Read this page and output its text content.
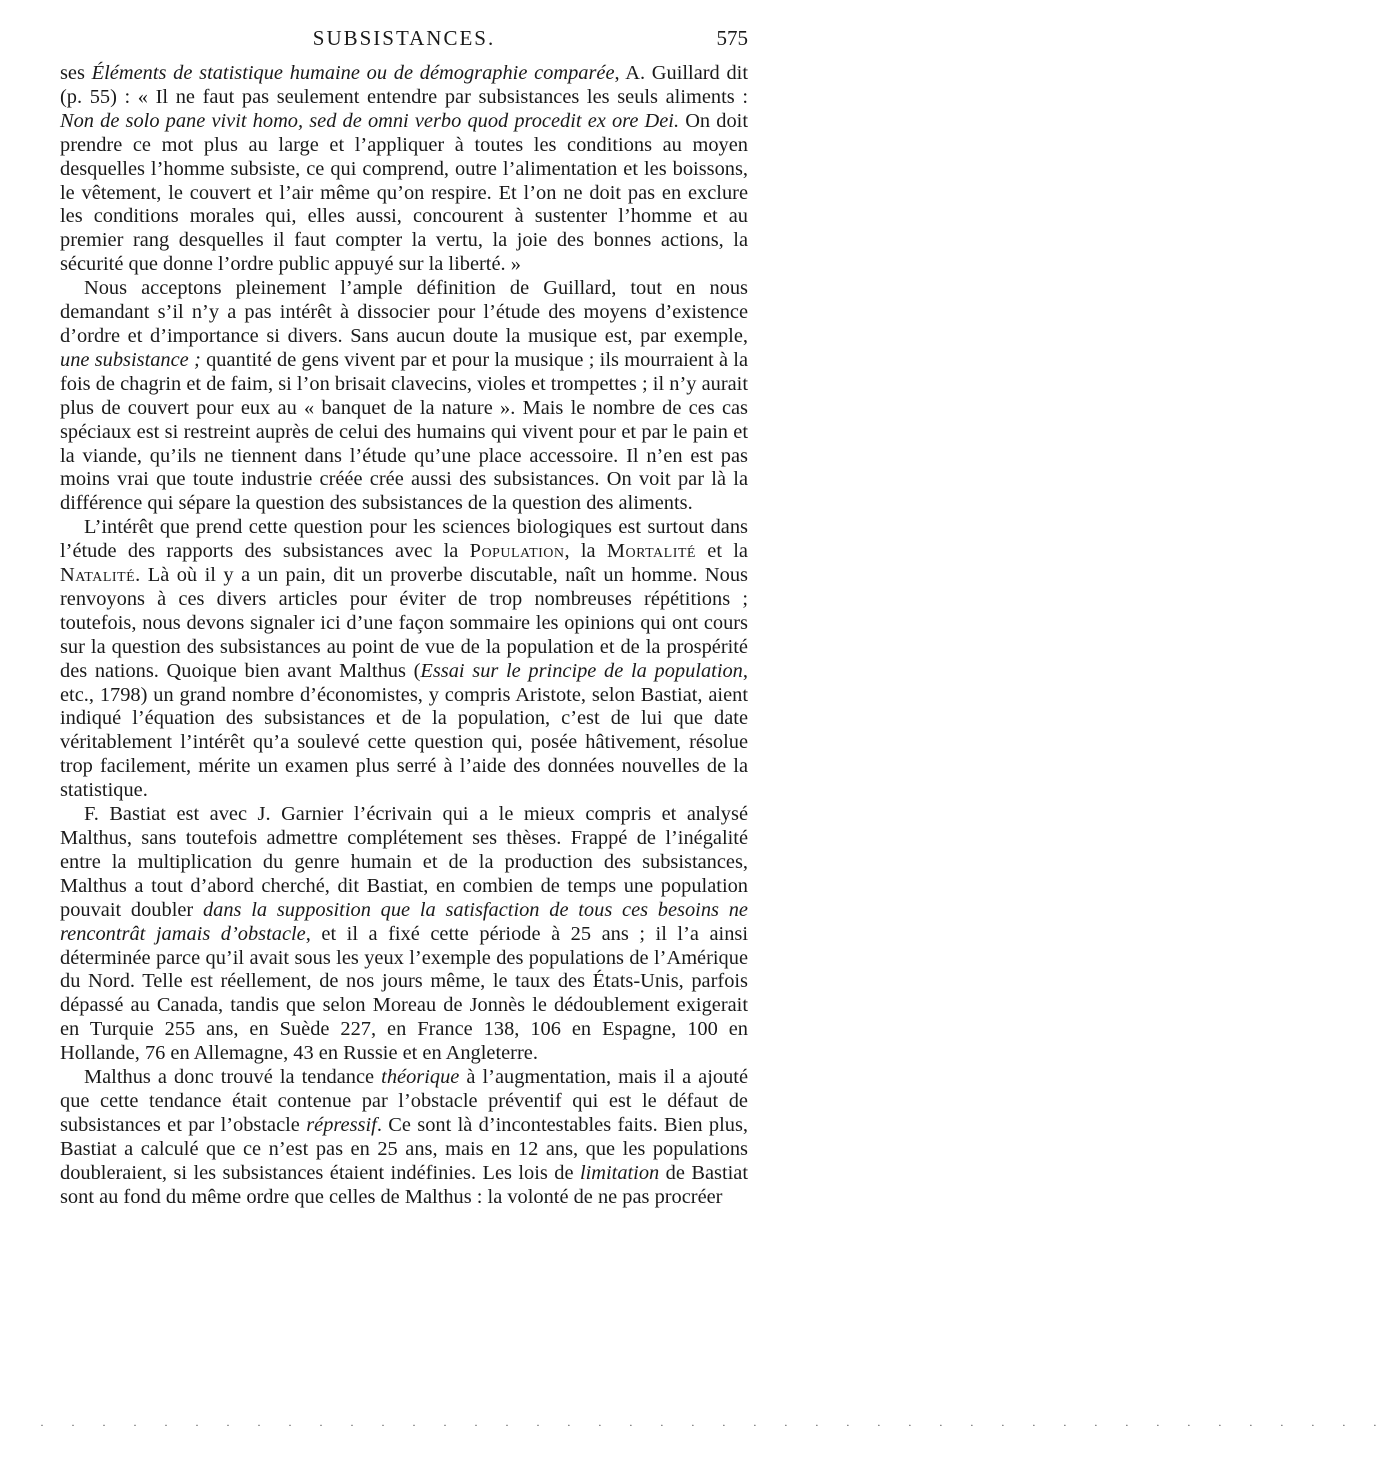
SUBSISTANCES.	575

ses Éléments de statistique humaine ou de démographie comparée, A. Guillard dit (p. 55) : « Il ne faut pas seulement entendre par subsistances les seuls aliments : Non de solo pane vivit homo, sed de omni verbo quod procedit ex ore Dei. On doit prendre ce mot plus au large et l’appliquer à toutes les conditions au moyen desquelles l’homme subsiste, ce qui comprend, outre l’alimentation et les boissons, le vêtement, le couvert et l’air même qu’on respire. Et l’on ne doit pas en exclure les conditions morales qui, elles aussi, concourent à sustenter l’homme et au premier rang desquelles il faut compter la vertu, la joie des bonnes actions, la sécurité que donne l’ordre public appuyé sur la liberté. »

Nous acceptons pleinement l’ample définition de Guillard, tout en nous demandant s’il n’y a pas intérêt à dissocier pour l’étude des moyens d’existence d’ordre et d’importance si divers. Sans aucun doute la musique est, par exemple, une subsistance ; quantité de gens vivent par et pour la musique ; ils mourraient à la fois de chagrin et de faim, si l’on brisait clavecins, violes et trompettes ; il n’y aurait plus de couvert pour eux au « banquet de la nature ». Mais le nombre de ces cas spéciaux est si restreint auprès de celui des humains qui vivent pour et par le pain et la viande, qu’ils ne tiennent dans l’étude qu’une place accessoire. Il n’en est pas moins vrai que toute industrie créée crée aussi des subsistances. On voit par là la différence qui sépare la question des subsistances de la question des aliments.

L’intérêt que prend cette question pour les sciences biologiques est surtout dans l’étude des rapports des subsistances avec la Population, la Mortalité et la Natalité. Là où il y a un pain, dit un proverbe discutable, naît un homme. Nous renvoyons à ces divers articles pour éviter de trop nombreuses répétitions ; toutefois, nous devons signaler ici d’une façon sommaire les opinions qui ont cours sur la question des subsistances au point de vue de la population et de la prospérité des nations. Quoique bien avant Malthus (Essai sur le principe de la population, etc., 1798) un grand nombre d’économistes, y compris Aristote, selon Bastiat, aient indiqué l’équation des subsistances et de la population, c’est de lui que date véritablement l’intérêt qu’a soulevé cette question qui, posée hâtivement, résolue trop facilement, mérite un examen plus serré à l’aide des données nouvelles de la statistique.

F. Bastiat est avec J. Garnier l’écrivain qui a le mieux compris et analysé Malthus, sans toutefois admettre complétement ses thèses. Frappé de l’inégalité entre la multiplication du genre humain et de la production des subsistances, Malthus a tout d’abord cherché, dit Bastiat, en combien de temps une population pouvait doubler dans la supposition que la satisfaction de tous ces besoins ne rencontrât jamais d’obstacle, et il a fixé cette période à 25 ans ; il l’a ainsi déterminée parce qu’il avait sous les yeux l’exemple des populations de l’Amérique du Nord. Telle est réellement, de nos jours même, le taux des États-Unis, parfois dépassé au Canada, tandis que selon Moreau de Jonnès le dédoublement exigerait en Turquie 255 ans, en Suède 227, en France 138, 106 en Espagne, 100 en Hollande, 76 en Allemagne, 43 en Russie et en Angleterre.

Malthus a donc trouvé la tendance théorique à l’augmentation, mais il a ajouté que cette tendance était contenue par l’obstacle préventif qui est le défaut de subsistances et par l’obstacle répressif. Ce sont là d’incontestables faits. Bien plus, Bastiat a calculé que ce n’est pas en 25 ans, mais en 12 ans, que les populations doubleraient, si les subsistances étaient indéfinies. Les lois de limitation de Bastiat sont au fond du même ordre que celles de Malthus : la volonté de ne pas procréer

· · · · · · · · · · · · · · · · · · · · · · · · · · · · · · · · · · · · · · · · · · · ·
